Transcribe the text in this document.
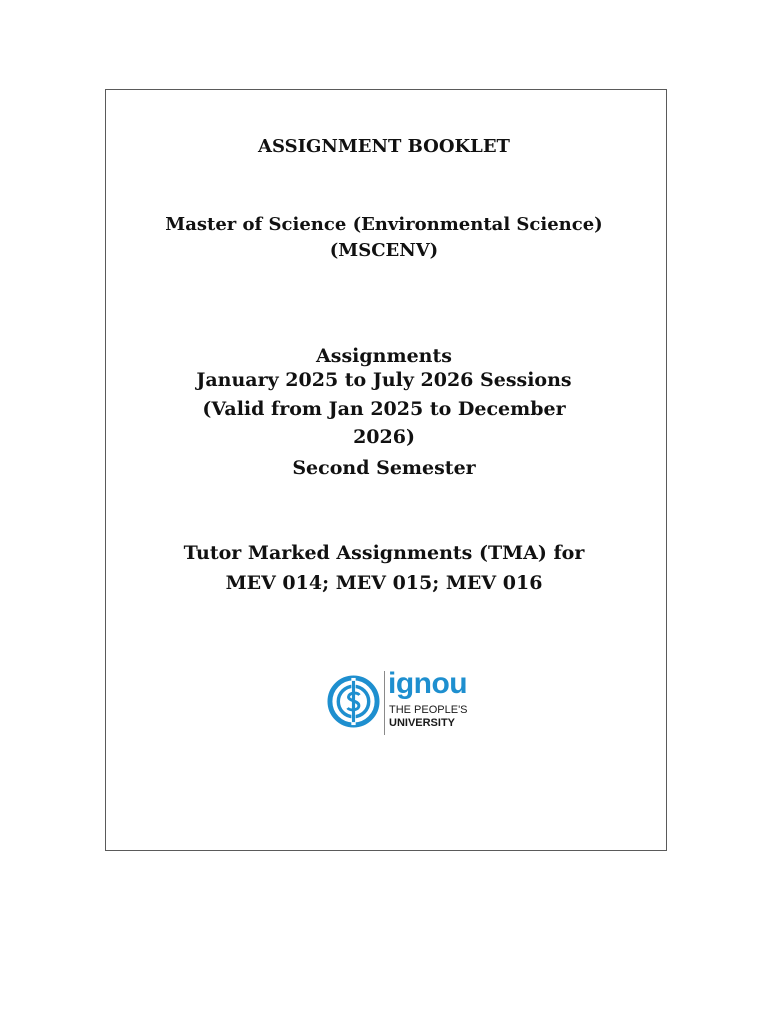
ASSIGNMENT BOOKLET
Master of Science (Environmental Science)
(MSCENV)
Assignments
January 2025 to July 2026 Sessions
(Valid from Jan 2025 to December
2026)
Second Semester
Tutor Marked Assignments (TMA) for
MEV 014; MEV 015; MEV 016
ignou
THE PEOPLE'S
UNIVERSITY
